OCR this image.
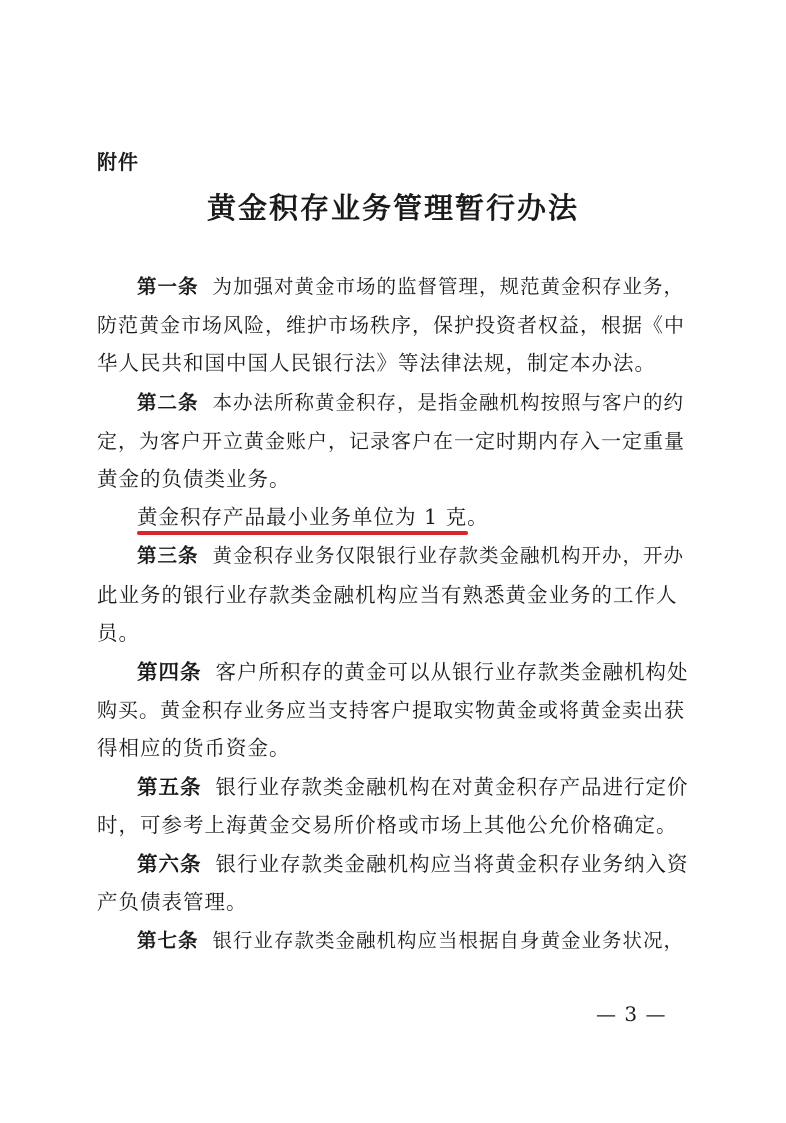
附件
黄金积存业务管理暂行办法
第一条 为加强对黄金市场的监督管理，规范黄金积存业务，
防范黄金市场风险，维护市场秩序，保护投资者权益，根据《中
华人民共和国中国人民银行法》等法律法规，制定本办法。
第二条 本办法所称黄金积存，是指金融机构按照与客户的约
定，为客户开立黄金账户，记录客户在一定时期内存入一定重量
黄金的负债类业务。
黄金积存产品最小业务单位为 1 克。
第三条 黄金积存业务仅限银行业存款类金融机构开办，开办
此业务的银行业存款类金融机构应当有熟悉黄金业务的工作人
员。
第四条 客户所积存的黄金可以从银行业存款类金融机构处
购买。黄金积存业务应当支持客户提取实物黄金或将黄金卖出获
得相应的货币资金。
第五条 银行业存款类金融机构在对黄金积存产品进行定价
时，可参考上海黄金交易所价格或市场上其他公允价格确定。
第六条 银行业存款类金融机构应当将黄金积存业务纳入资
产负债表管理。
第七条 银行业存款类金融机构应当根据自身黄金业务状况，
— 3 —
